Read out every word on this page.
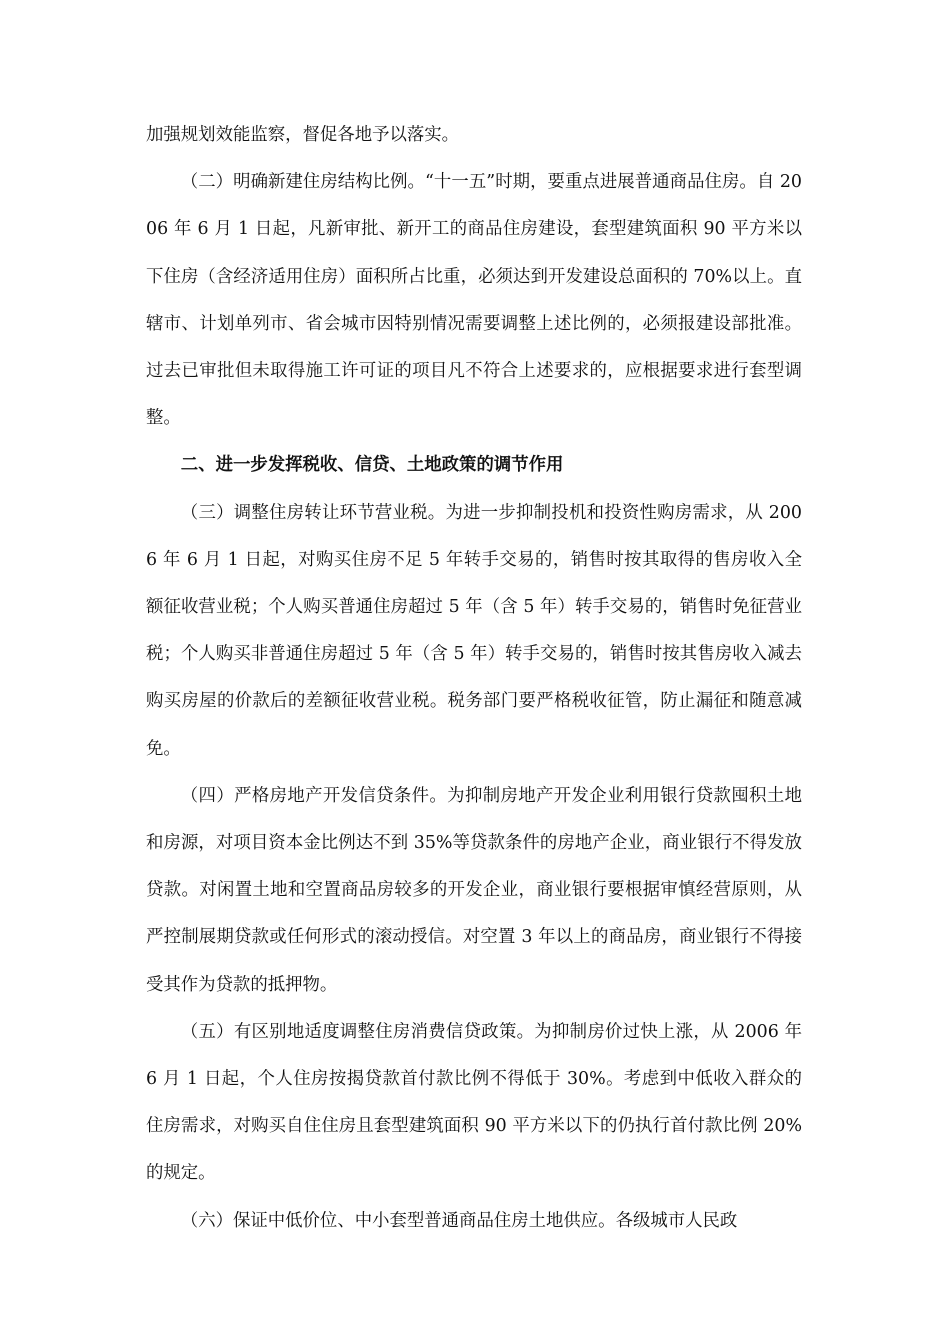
加强规划效能监察，督促各地予以落实。

（二）明确新建住房结构比例。“十一五”时期，要重点进展普通商品住房。自 2006 年 6 月 1 日起，凡新审批、新开工的商品住房建设，套型建筑面积 90 平方米以下住房（含经济适用住房）面积所占比重，必须达到开发建设总面积的 70%以上。直辖市、计划单列市、省会城市因特别情况需要调整上述比例的，必须报建设部批准。过去已审批但未取得施工许可证的项目凡不符合上述要求的，应根据要求进行套型调整。

二、进一步发挥税收、信贷、土地政策的调节作用

（三）调整住房转让环节营业税。为进一步抑制投机和投资性购房需求，从 2006 年 6 月 1 日起，对购买住房不足 5 年转手交易的，销售时按其取得的售房收入全额征收营业税；个人购买普通住房超过 5 年（含 5 年）转手交易的，销售时免征营业税；个人购买非普通住房超过 5 年（含 5 年）转手交易的，销售时按其售房收入减去购买房屋的价款后的差额征收营业税。税务部门要严格税收征管，防止漏征和随意减免。

（四）严格房地产开发信贷条件。为抑制房地产开发企业利用银行贷款囤积土地和房源，对项目资本金比例达不到 35%等贷款条件的房地产企业，商业银行不得发放贷款。对闲置土地和空置商品房较多的开发企业，商业银行要根据审慎经营原则，从严控制展期贷款或任何形式的滚动授信。对空置 3 年以上的商品房，商业银行不得接受其作为贷款的抵押物。

（五）有区别地适度调整住房消费信贷政策。为抑制房价过快上涨，从 2006 年 6 月 1 日起，个人住房按揭贷款首付款比例不得低于 30%。考虑到中低收入群众的住房需求，对购买自住住房且套型建筑面积 90 平方米以下的仍执行首付款比例 20%的规定。

（六）保证中低价位、中小套型普通商品住房土地供应。各级城市人民政
